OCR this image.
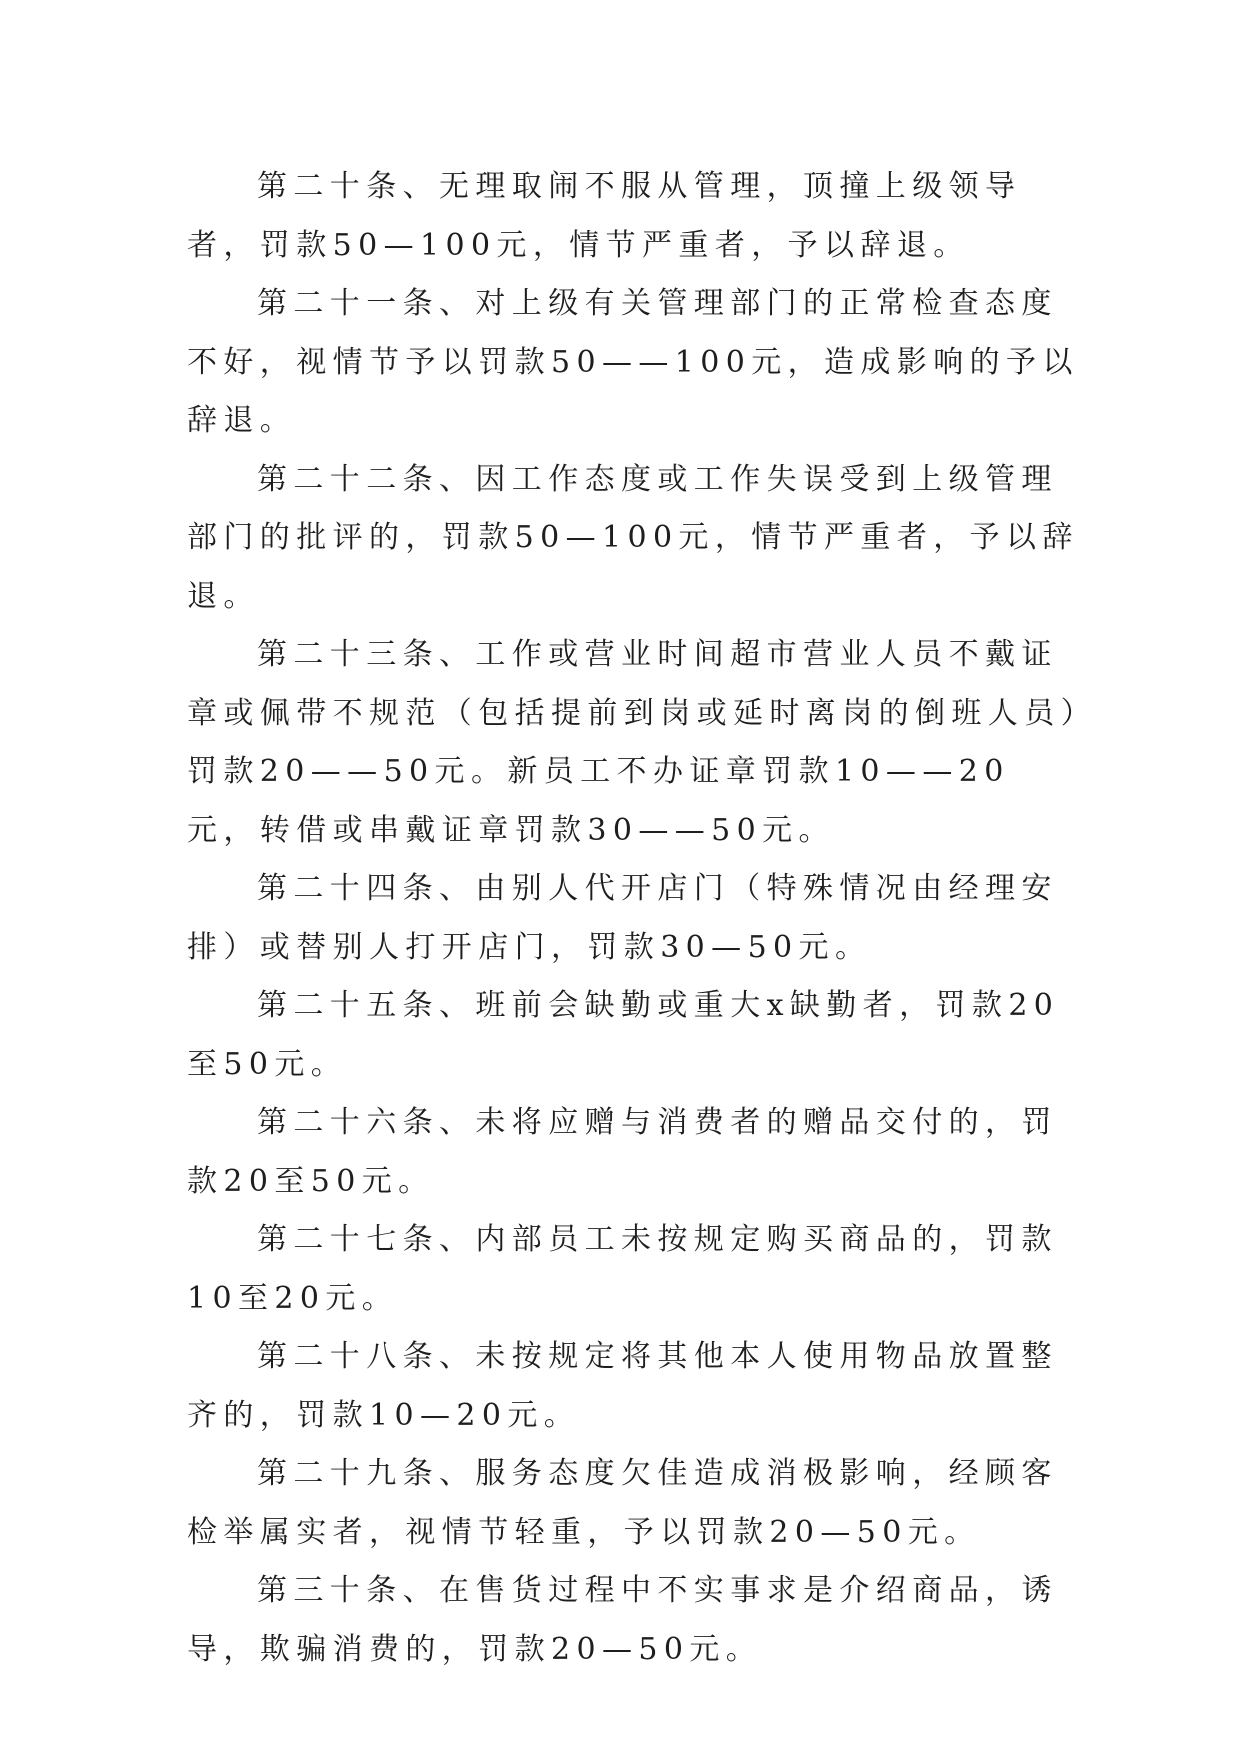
第二十条、无理取闹不服从管理，顶撞上级领导者，罚款50—100元，情节严重者，予以辞退。

第二十一条、对上级有关管理部门的正常检查态度不好，视情节予以罚款50——100元，造成影响的予以辞退。

第二十二条、因工作态度或工作失误受到上级管理部门的批评的，罚款50—100元，情节严重者，予以辞退。

第二十三条、工作或营业时间超市营业人员不戴证章或佩带不规范（包括提前到岗或延时离岗的倒班人员）罚款20——50元。新员工不办证章罚款10——20元，转借或串戴证章罚款30——50元。

第二十四条、由别人代开店门（特殊情况由经理安排）或替别人打开店门，罚款30—50元。

第二十五条、班前会缺勤或重大x缺勤者，罚款20至50元。

第二十六条、未将应赠与消费者的赠品交付的，罚款20至50元。

第二十七条、内部员工未按规定购买商品的，罚款10至20元。

第二十八条、未按规定将其他本人使用物品放置整齐的，罚款10—20元。

第二十九条、服务态度欠佳造成消极影响，经顾客检举属实者，视情节轻重，予以罚款20—50元。

第三十条、在售货过程中不实事求是介绍商品，诱导，欺骗消费的，罚款20—50元。
